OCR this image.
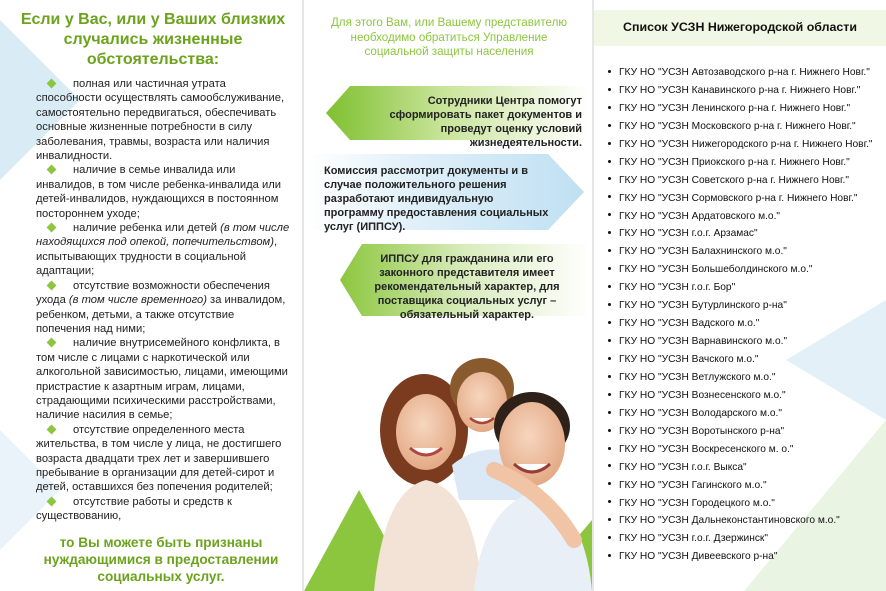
Если у Вас, или у Ваших близких случались жизненные обстоятельства:
полная или частичная утрата способности осуществлять самообслуживание, самостоятельно передвигаться, обеспечивать основные жизненные потребности в силу заболевания, травмы, возраста или наличия инвалидности.
наличие в семье инвалида или инвалидов, в том числе ребенка-инвалида или детей-инвалидов, нуждающихся в постоянном постороннем уходе;
наличие ребенка или детей (в том числе находящихся под опекой, попечительством), испытывающих трудности в социальной адаптации;
отсутствие возможности обеспечения ухода (в том числе временного) за инвалидом, ребенком, детьми, а также отсутствие попечения над ними;
наличие внутрисемейного конфликта, в том числе с лицами с наркотической или алкогольной зависимостью, лицами, имеющими пристрастие к азартным играм, лицами, страдающими психическими расстройствами, наличие насилия в семье;
отсутствие определенного места жительства, в том числе у лица, не достигшего возраста двадцати трех лет и завершившего пребывание в организации для детей-сирот и детей, оставшихся без попечения родителей;
отсутствие работы и средств к существованию,
то Вы можете быть признаны нуждающимися в предоставлении социальных услуг.
Для этого Вам, или Вашему представителю необходимо обратиться Управление социальной защиты населения
Сотрудники Центра помогут сформировать пакет документов и проведут оценку условий жизнедеятельности.
Комиссия рассмотрит документы и в случае положительного решения разработают индивидуальную программу предоставления социальных услуг (ИППСУ).
ИППСУ для гражданина или его законного представителя имеет рекомендательный характер, для поставщика социальных услуг – обязательный характер.
Список УСЗН Нижегородской области
ГКУ НО "УСЗН Автозаводского р-на г. Нижнего Новг."
ГКУ НО "УСЗН Канавинского р-на г. Нижнего Новг."
ГКУ НО "УСЗН Ленинского р-на г. Нижнего Новг."
ГКУ НО "УСЗН Московского р-на г. Нижнего Новг."
ГКУ НО "УСЗН Нижегородского р-на г. Нижнего Новг."
ГКУ НО "УСЗН Приокского р-на г. Нижнего Новг."
ГКУ НО "УСЗН Советского р-на г. Нижнего Новг."
ГКУ НО "УСЗН Сормовского р-на г. Нижнего Новг."
ГКУ НО "УСЗН Ардатовского м.о."
ГКУ НО "УСЗН г.о.г. Арзамас"
ГКУ НО "УСЗН Балахнинского м.о."
ГКУ НО "УСЗН Большеболдинского м.о."
ГКУ НО "УСЗН г.о.г. Бор"
ГКУ НО "УСЗН Бутурлинского р-на"
ГКУ НО "УСЗН Вадского м.о."
ГКУ НО "УСЗН Варнавинского м.о."
ГКУ НО "УСЗН Вачского м.о."
ГКУ НО "УСЗН Ветлужского м.о."
ГКУ НО "УСЗН Вознесенского м.о."
ГКУ НО "УСЗН Володарского м.о."
ГКУ НО "УСЗН Воротынского р-на"
ГКУ НО "УСЗН Воскресенского м. о."
ГКУ НО "УСЗН г.о.г. Выкса"
ГКУ НО "УСЗН Гагинского м.о."
ГКУ НО "УСЗН Городецкого м.о."
ГКУ НО "УСЗН Дальнеконстантиновского м.о."
ГКУ НО "УСЗН г.о.г. Дзержинск"
ГКУ НО "УСЗН Дивеевского р-на"
